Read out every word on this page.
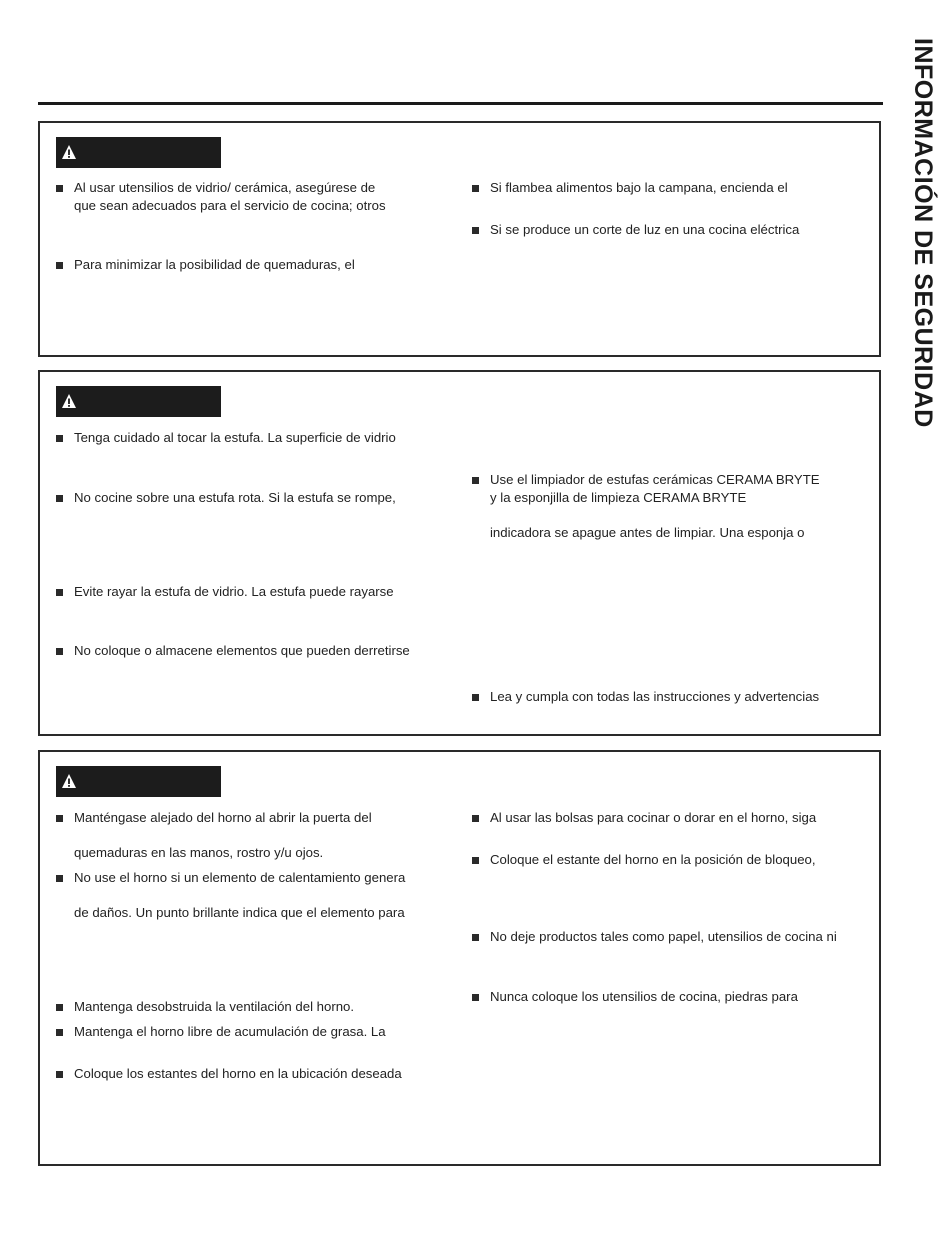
INFORMACIÓN DE SEGURIDAD
Al usar utensilios de vidrio/ cerámica, asegúrese de
que sean adecuados para el servicio de cocina; otros
Para minimizar la posibilidad de quemaduras, el
Si flambea alimentos bajo la campana, encienda el
Si se produce un corte de luz en una cocina eléctrica
Tenga cuidado al tocar la estufa. La superficie de vidrio
No cocine sobre una estufa rota. Si la estufa se rompe,
Evite rayar la estufa de vidrio. La estufa puede rayarse
No coloque o almacene elementos que pueden derretirse
Use el limpiador de estufas cerámicas CERAMA BRYTE
y la esponjilla de limpieza CERAMA BRYTE
indicadora se apague antes de limpiar. Una esponja o
Lea y cumpla con todas las instrucciones y advertencias
Manténgase alejado del horno al abrir la puerta del
quemaduras en las manos, rostro y/u ojos.
No use el horno si un elemento de calentamiento genera
de daños. Un punto brillante indica que el elemento para
Mantenga desobstruida la ventilación del horno.
Mantenga el horno libre de acumulación de grasa. La
Coloque los estantes del horno en la ubicación deseada
Al usar las bolsas para cocinar o dorar en el horno, siga
Coloque el estante del horno en la posición de bloqueo,
No deje productos tales como papel, utensilios de cocina ni
Nunca coloque los utensilios de cocina, piedras para
